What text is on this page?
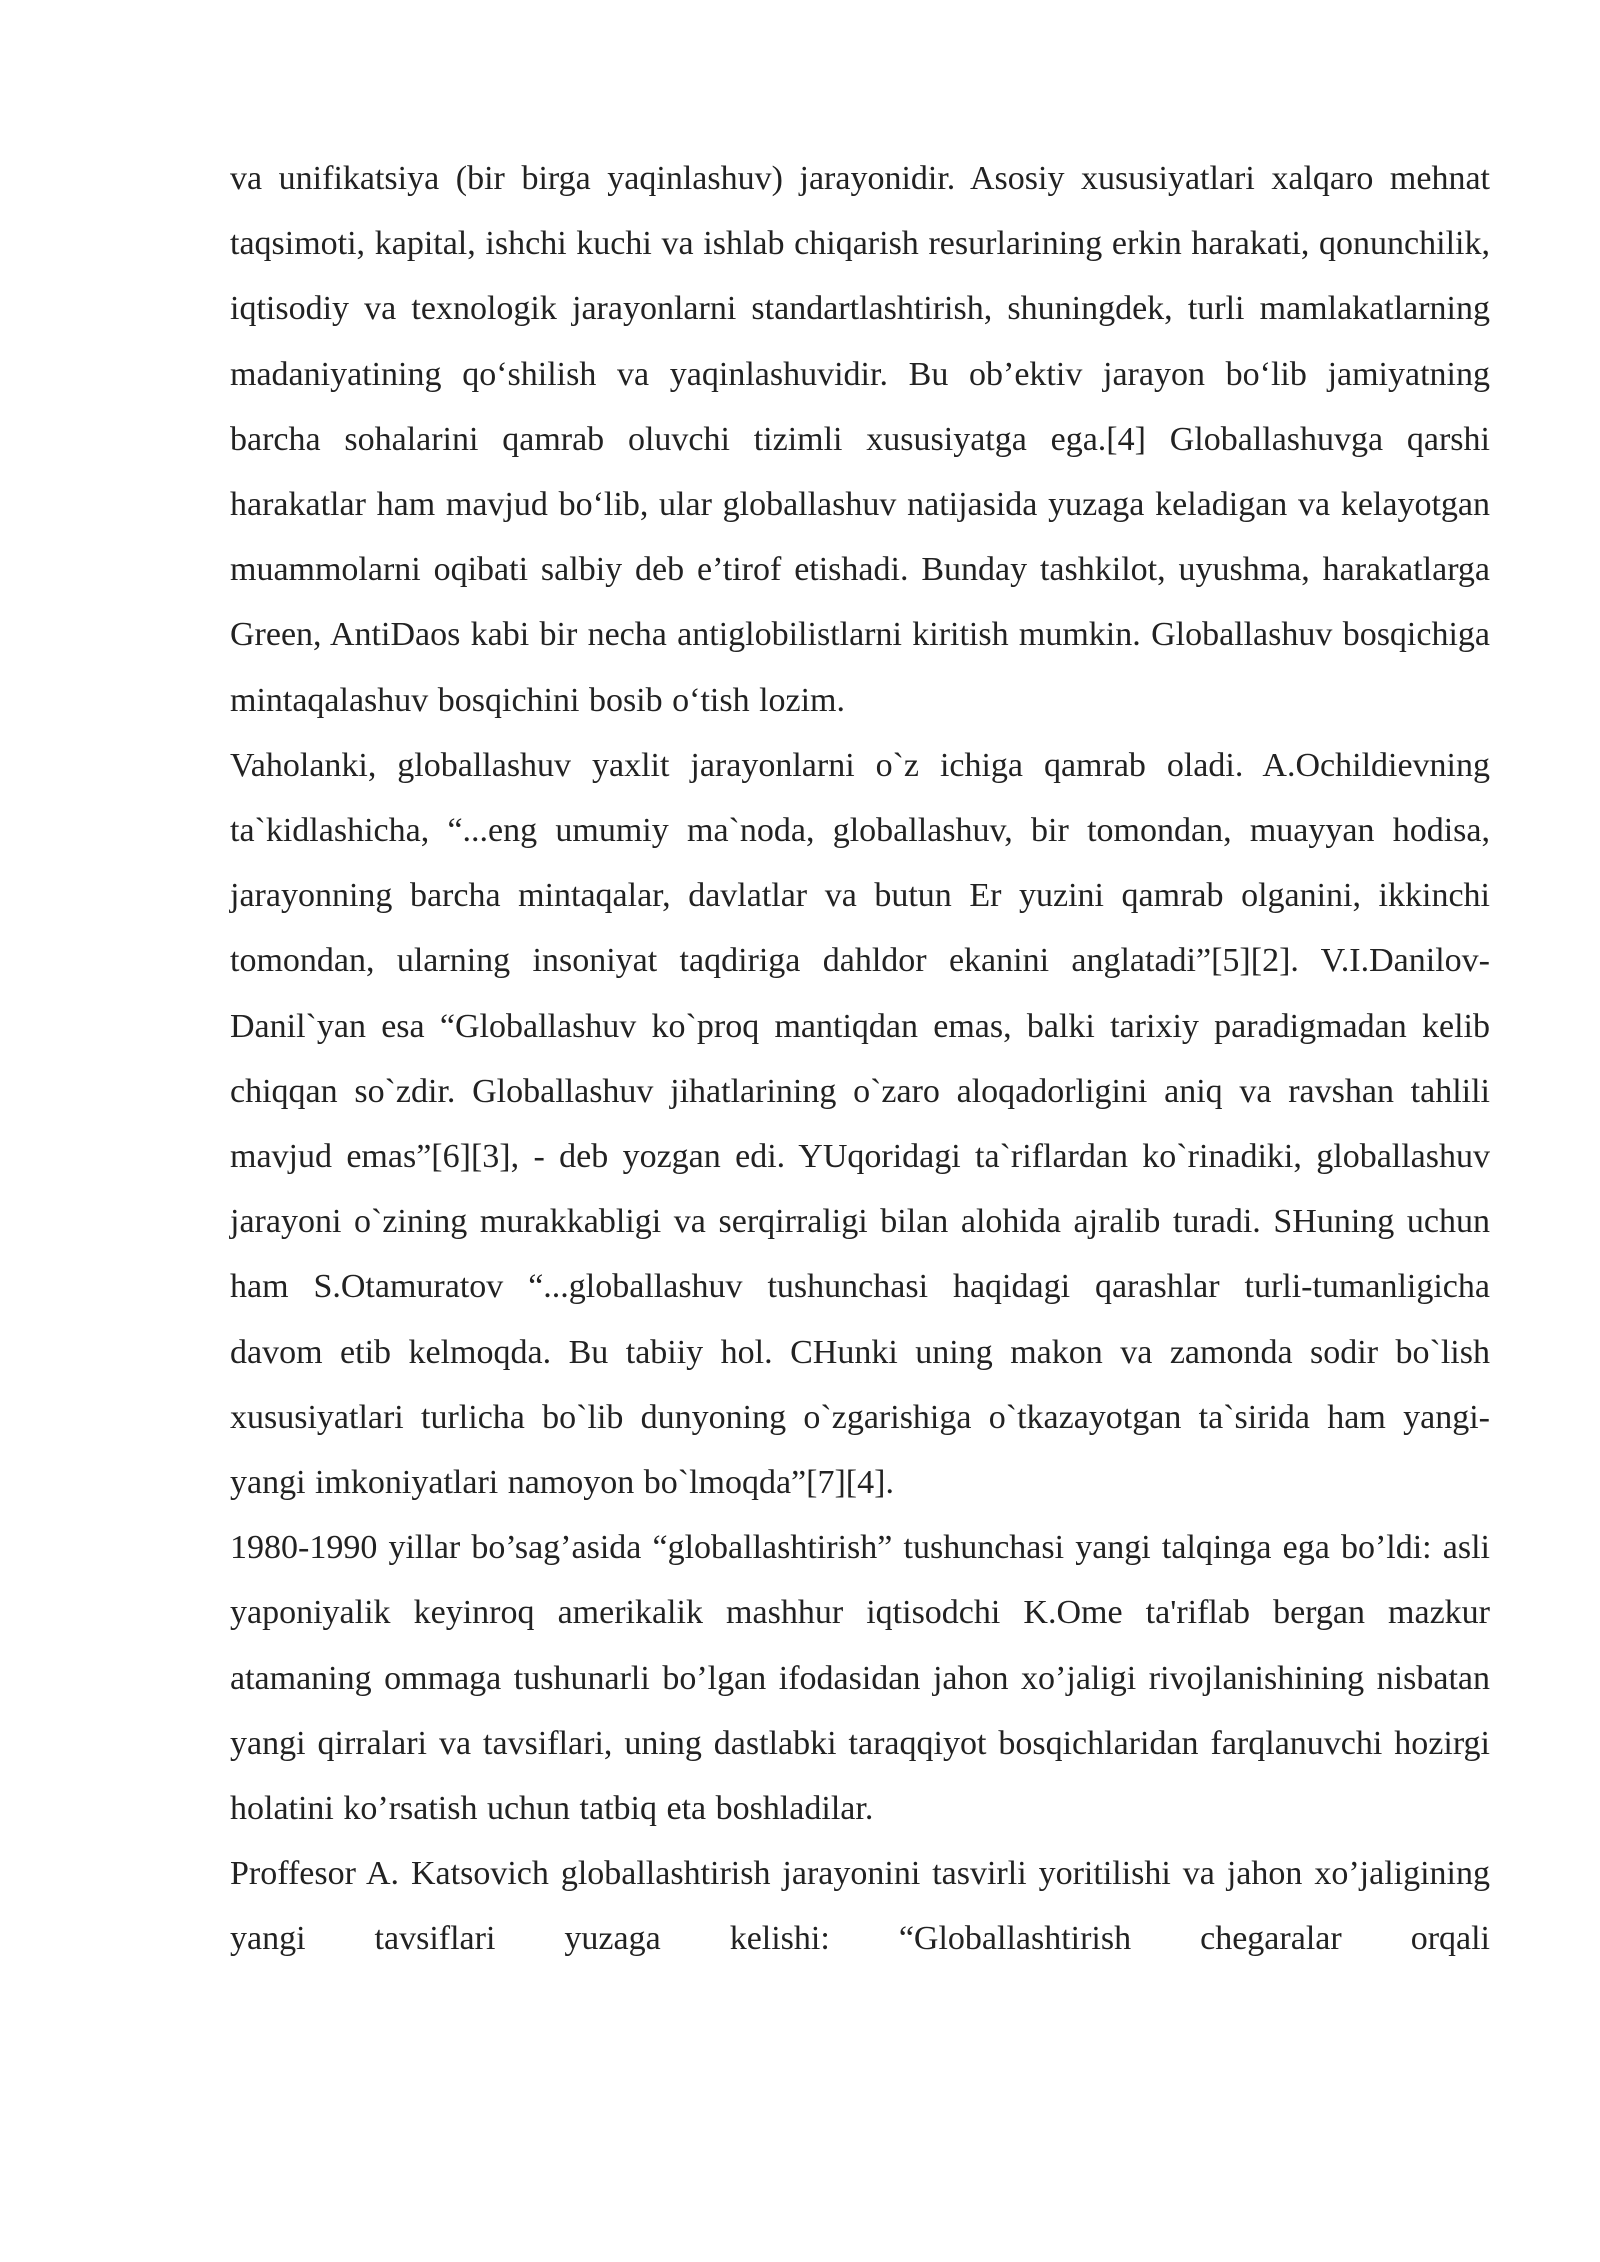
va unifikatsiya (bir birga yaqinlashuv) jarayonidir. Asosiy xususiyatlari xalqaro mehnat taqsimoti, kapital, ishchi kuchi va ishlab chiqarish resurlarining erkin harakati, qonunchilik, iqtisodiy va texnologik jarayonlarni standartlashtirish, shuningdek, turli mamlakatlarning madaniyatining qo‘shilish va yaqinlashuvidir. Bu ob’ektiv jarayon bo‘lib jamiyatning barcha sohalarini qamrab oluvchi tizimli xususiyatga ega.[4] Globallashuvga qarshi harakatlar ham mavjud bo‘lib, ular globallashuv natijasida yuzaga keladigan va kelayotgan muammolarni oqibati salbiy deb e’tirof etishadi. Bunday tashkilot, uyushma, harakatlarga Green, AntiDaos kabi bir necha antiglobilistlarni kiritish mumkin. Globallashuv bosqichiga mintaqalashuv bosqichini bosib o‘tish lozim.

Vaholanki, globallashuv yaxlit jarayonlarni o`z ichiga qamrab oladi. A.Ochildievning ta`kidlashicha, “...eng umumiy ma`noda, globallashuv, bir tomondan, muayyan hodisa, jarayonning barcha mintaqalar, davlatlar va butun Er yuzini qamrab olganini, ikkinchi tomondan, ularning insoniyat taqdiriga dahldor ekanini anglatadi”[5][2]. V.I.Danilov-Danil`yan esa “Globallashuv ko`proq mantiqdan emas, balki tarixiy paradigmadan kelib chiqqan so`zdir. Globallashuv jihatlarining o`zaro aloqadorligini aniq va ravshan tahlili mavjud emas”[6][3], - deb yozgan edi. YUqoridagi ta`riflardan ko`rinadiki, globallashuv jarayoni o`zining murakkabligi va serqirraligi bilan alohida ajralib turadi. SHuning uchun ham S.Otamuratov “...globallashuv tushunchasi haqidagi qarashlar turli-tumanligicha davom etib kelmoqda. Bu tabiiy hol. CHunki uning makon va zamonda sodir bo`lish xususiyatlari turlicha bo`lib dunyoning o`zgarishiga o`tkazayotgan ta`sirida ham yangi-yangi imkoniyatlari namoyon bo`lmoqda”[7][4].

1980-1990 yillar bo’sag’asida “globallashtirish” tushunchasi yangi talqinga ega bo’ldi: asli yaponiyalik keyinroq amerikalik mashhur iqtisodchi K.Ome ta'riflab bergan mazkur atamaning ommaga tushunarli bo’lgan ifodasidan jahon xo’jaligi rivojlanishining nisbatan yangi qirralari va tavsiflari, uning dastlabki taraqqiyot bosqichlaridan farqlanuvchi hozirgi holatini ko’rsatish uchun tatbiq eta boshladilar.

Proffesor A. Katsovich globallashtirish jarayonini tasvirli yoritilishi va jahon xo’jaligining yangi tavsiflari yuzaga kelishi: “Globallashtirish chegaralar orqali
